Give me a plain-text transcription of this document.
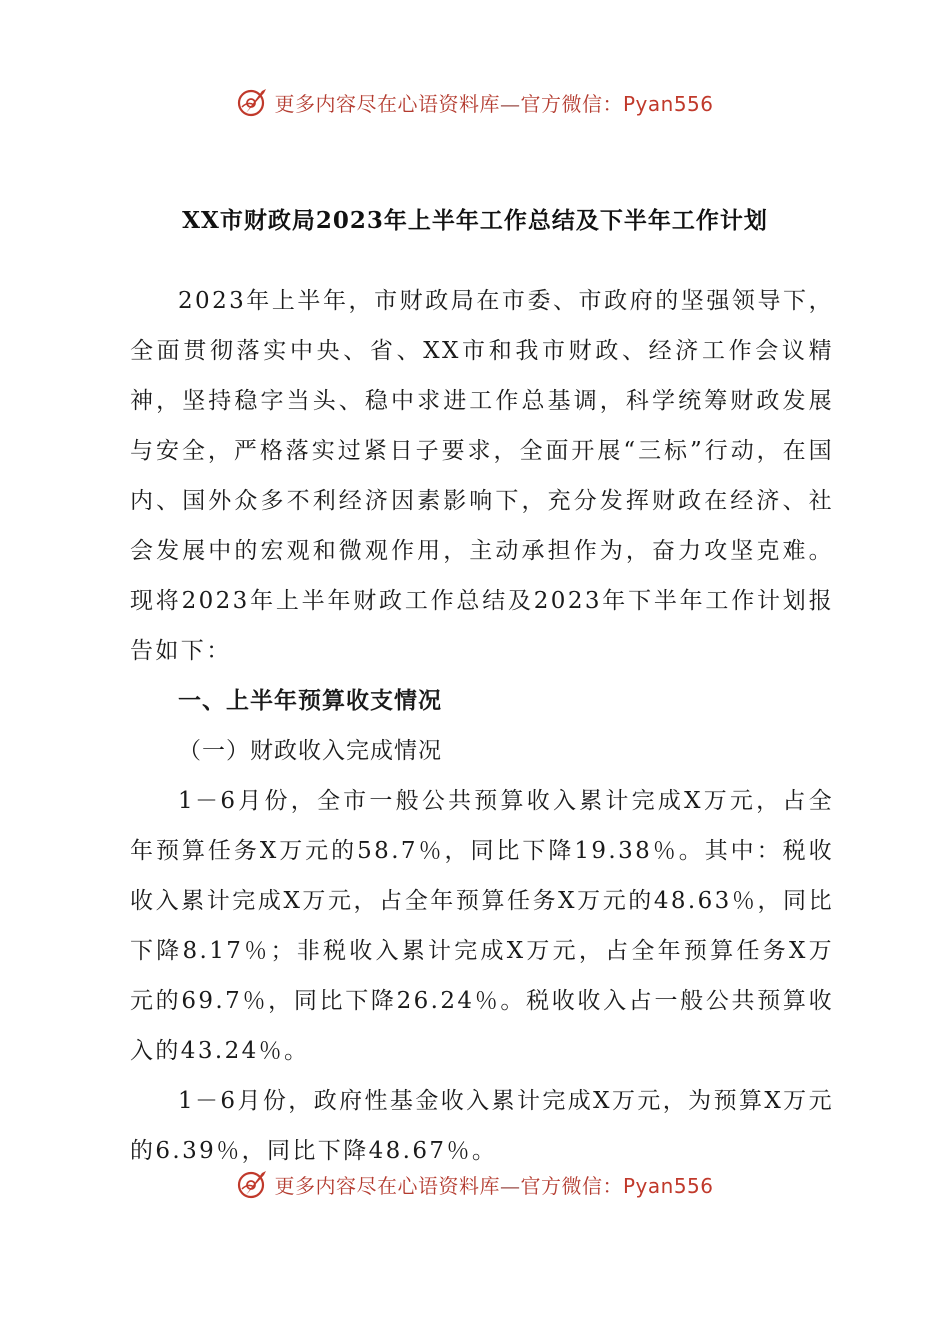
更多内容尽在心语资料库—官方微信：Pyan556
XX市财政局2023年上半年工作总结及下半年工作计划

2023年上半年，市财政局在市委、市政府的坚强领导下，全面贯彻落实中央、省、XX市和我市财政、经济工作会议精神，坚持稳字当头、稳中求进工作总基调，科学统筹财政发展与安全，严格落实过紧日子要求，全面开展“三标”行动，在国内、国外众多不利经济因素影响下，充分发挥财政在经济、社会发展中的宏观和微观作用，主动承担作为，奋力攻坚克难。现将2023年上半年财政工作总结及2023年下半年工作计划报告如下：

一、上半年预算收支情况

（一）财政收入完成情况

1－6月份，全市一般公共预算收入累计完成X万元，占全年预算任务X万元的58.7％，同比下降19.38％。其中：税收收入累计完成X万元，占全年预算任务X万元的48.63％，同比下降8.17％；非税收入累计完成X万元，占全年预算任务X万元的69.7％，同比下降26.24％。税收收入占一般公共预算收入的43.24％。

1－6月份，政府性基金收入累计完成X万元，为预算X万元的6.39％，同比下降48.67％。

更多内容尽在心语资料库—官方微信：Pyan556
